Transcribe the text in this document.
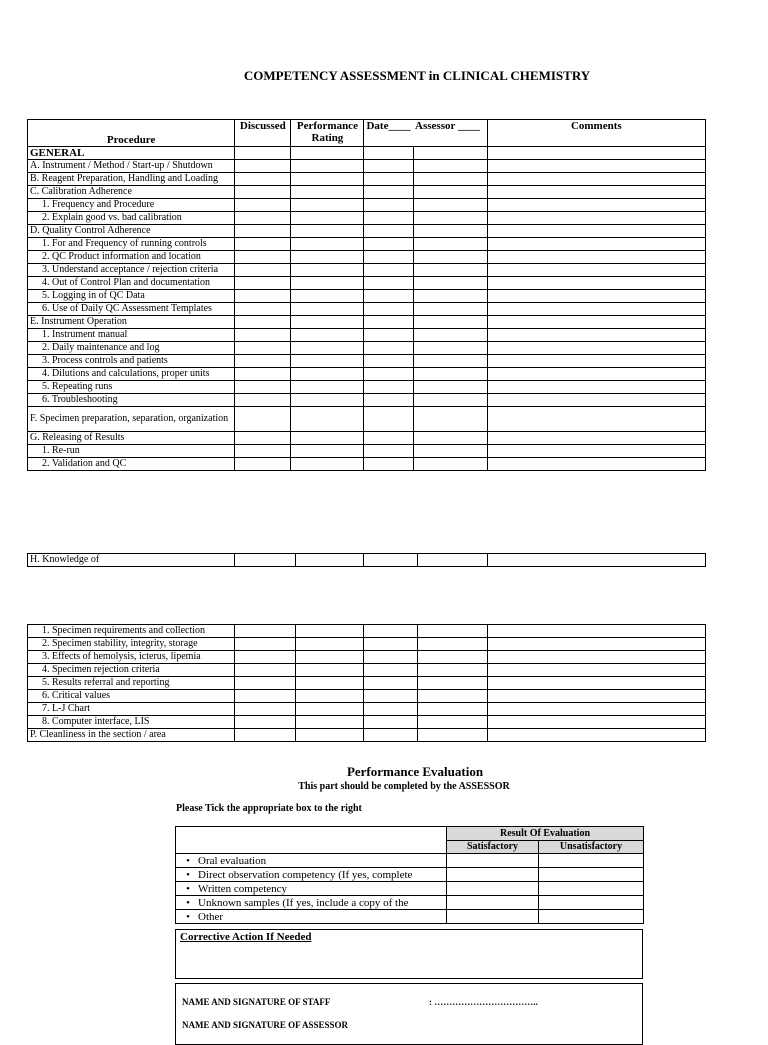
COMPETENCY ASSESSMENT in CLINICAL CHEMISTRY
Procedure	Discussed	Performance Rating	Date____	Assessor ____	Comments
GENERAL					
A. Instrument / Method / Start-up / Shutdown					
B. Reagent Preparation, Handling and Loading					
C. Calibration Adherence					
1. Frequency and Procedure					
2. Explain good vs. bad calibration					
D. Quality Control Adherence					
1. For and Frequency of running controls					
2. QC Product information and location					
3. Understand acceptance / rejection criteria					
4. Out of Control Plan and documentation					
5. Logging in of QC Data					
6. Use of Daily QC Assessment Templates					
E. Instrument Operation					
1. Instrument manual					
2. Daily maintenance and log					
3. Process controls and patients					
4. Dilutions and calculations, proper units					
5. Repeating runs					
6. Troubleshooting					
F. Specimen preparation, separation, organization					
G. Releasing of Results					
1. Re-run					
2. Validation and QC					
H. Knowledge of					
1. Specimen requirements and collection					
2. Specimen stability, integrity, storage					
3. Effects of hemolysis, icterus, lipemia					
4. Specimen rejection criteria					
5. Results referral and reporting					
6. Critical values					
7. L-J Chart					
8. Computer interface, LIS					
P. Cleanliness in the section / area					
Performance Evaluation
This part should be completed by the ASSESSOR
Please Tick the appropriate box to the right
	Result Of Evaluation	
	Satisfactory	Unsatisfactory
• Oral evaluation		
• Direct observation competency (If yes, complete		
• Written competency		
• Unknown samples (If yes, include a copy of the		
• Other		
Corrective Action If Needed
NAME AND SIGNATURE OF STAFF	: ……………………………..
NAME AND SIGNATURE OF ASSESSOR
